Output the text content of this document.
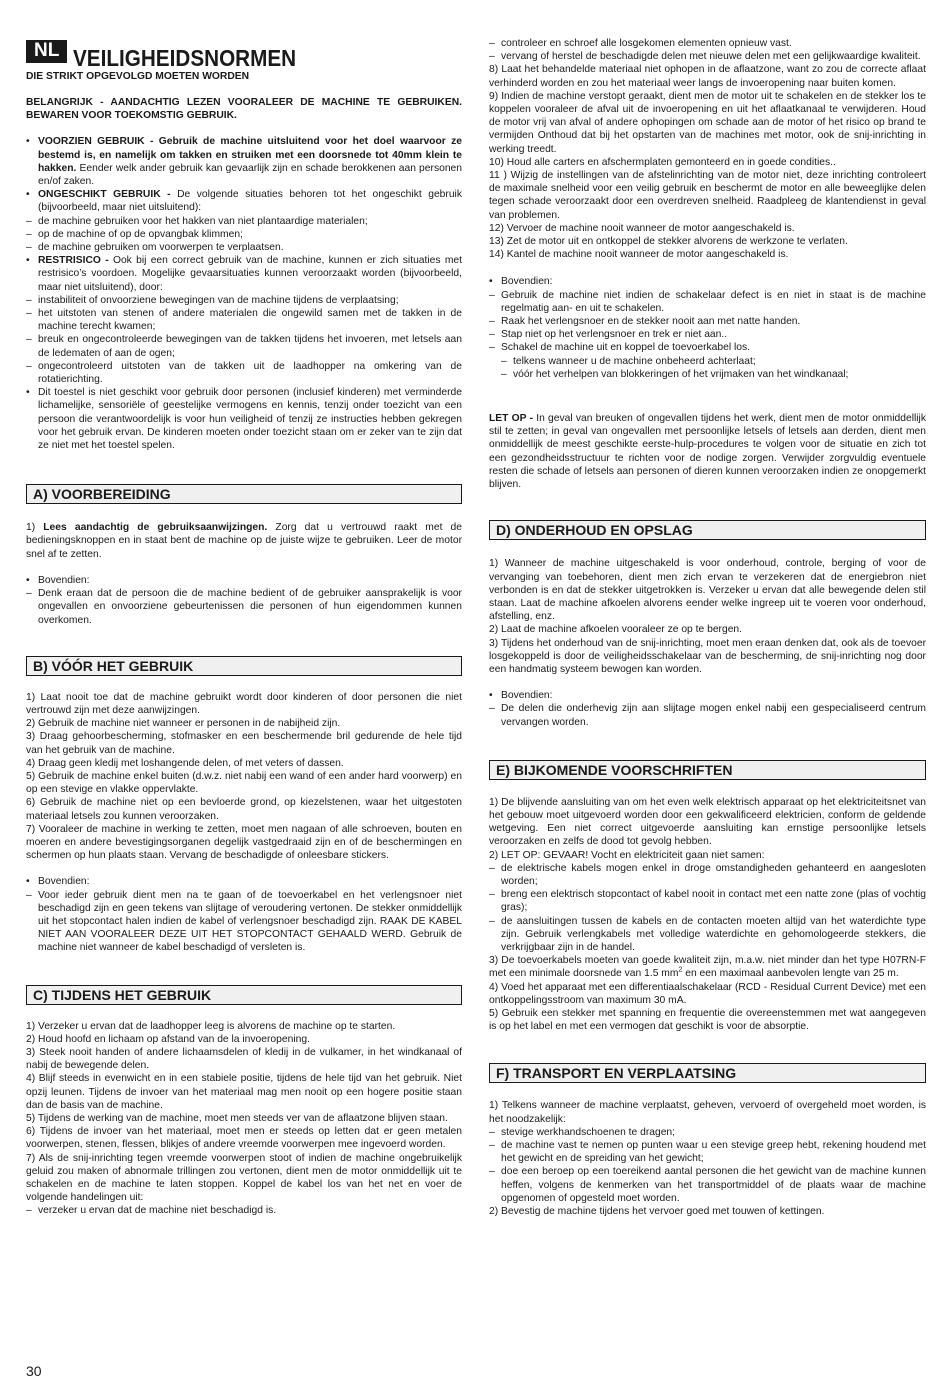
NL VEILIGHEIDSNORMEN
DIE STRIKT OPGEVOLGD MOETEN WORDEN

BELANGRIJK - AANDACHTIG LEZEN VOORALEER DE MACHINE TE GEBRUIKEN. BEWAREN VOOR TOEKOMSTIG GEBRUIK.

• VOORZIEN GEBRUIK - Gebruik de machine uitsluitend voor het doel waarvoor ze bestemd is, en namelijk om takken en struiken met een doorsnede tot 40mm klein te hakken. Eender welk ander gebruik kan gevaarlijk zijn en schade berokkenen aan personen en/of zaken.

• ONGESCHIKT GEBRUIK - De volgende situaties behoren tot het ongeschikt gebruik (bijvoorbeeld, maar niet uitsluitend):

– de machine gebruiken voor het hakken van niet plantaardige materialen;

– op de machine of op de opvangbak klimmen;

– de machine gebruiken om voorwerpen te verplaatsen.

• RESTRISICO - Ook bij een correct gebruik van de machine, kunnen er zich situaties met restrisico’s voordoen. Mogelijke gevaarsituaties kunnen veroorzaakt worden (bijvoorbeeld, maar niet uitsluitend), door:

– instabiliteit of onvoorziene bewegingen van de machine tijdens de verplaatsing;

– het uitstoten van stenen of andere materialen die ongewild samen met de takken in de machine terecht kwamen;

– breuk en ongecontroleerde bewegingen van de takken tijdens het invoeren, met letsels aan de ledematen of aan de ogen;

– ongecontroleerd uitstoten van de takken uit de laadhopper na omkering van de rotatierichting.

• Dit toestel is niet geschikt voor gebruik door personen (inclusief kinderen) met verminderde lichamelijke, sensoriële of geestelijke vermogens en kennis, tenzij onder toezicht van een persoon die verantwoordelijk is voor hun veiligheid of tenzij ze instructies hebben gekregen voor het gebruik ervan. De kinderen moeten onder toezicht staan om er zeker van te zijn dat ze niet met het toestel spelen.

A) VOORBEREIDING

1) Lees aandachtig de gebruiksaanwijzingen. Zorg dat u vertrouwd raakt met de bedieningsknoppen en in staat bent de machine op de juiste wijze te gebruiken. Leer de motor snel af te zetten.

• Bovendien:

– Denk eraan dat de persoon die de machine bedient of de gebruiker aansprakelijk is voor ongevallen en onvoorziene gebeurtenissen die personen of hun eigendommen kunnen overkomen.

B) VÓÓR HET GEBRUIK

1) Laat nooit toe dat de machine gebruikt wordt door kinderen of door personen die niet vertrouwd zijn met deze aanwijzingen.

2) Gebruik de machine niet wanneer er personen in de nabijheid zijn.

3) Draag gehoorbescherming, stofmasker en een beschermende bril gedurende de hele tijd van het gebruik van de machine.

4) Draag geen kledij met loshangende delen, of met veters of dassen.

5) Gebruik de machine enkel buiten (d.w.z. niet nabij een wand of een ander hard voorwerp) en op een stevige en vlakke oppervlakte.

6) Gebruik de machine niet op een bevloerde grond, op kiezelstenen, waar het uitgestoten materiaal letsels zou kunnen veroorzaken.

7) Vooraleer de machine in werking te zetten, moet men nagaan of alle schroeven, bouten en moeren en andere bevestigingsorganen degelijk vastgedraaid zijn en of de beschermingen en schermen op hun plaats staan. Vervang de beschadigde of onleesbare stickers.

• Bovendien:

– Voor ieder gebruik dient men na te gaan of de toevoerkabel en het verlengsnoer niet beschadigd zijn en geen tekens van slijtage of veroudering vertonen. De stekker onmiddellijk uit het stopcontact halen indien de kabel of verlengsnoer beschadigd zijn. RAAK DE KABEL NIET AAN VOORALEER DEZE UIT HET STOPCONTACT GEHAALD WERD. Gebruik de machine niet wanneer de kabel beschadigd of versleten is.

C) TIJDENS HET GEBRUIK

1) Verzeker u ervan dat de laadhopper leeg is alvorens de machine op te starten.

2) Houd hoofd en lichaam op afstand van de la invoeropening.

3) Steek nooit handen of andere lichaamsdelen of kledij in de vulkamer, in het windkanaal of nabij de bewegende delen.

4) Blijf steeds in evenwicht en in een stabiele positie, tijdens de hele tijd van het gebruik. Niet opzij leunen. Tijdens de invoer van het materiaal mag men nooit op een hogere positie staan dan de basis van de machine.

5) Tijdens de werking van de machine, moet men steeds ver van de aflaatzone blijven staan.

6) Tijdens de invoer van het materiaal, moet men er steeds op letten dat er geen metalen voorwerpen, stenen, flessen, blikjes of andere vreemde voorwerpen mee ingevoerd worden.

7) Als de snij-inrichting tegen vreemde voorwerpen stoot of indien de machine ongebruikelijk geluid zou maken of abnormale trillingen zou vertonen, dient men de motor onmiddellijk uit te schakelen en de machine te laten stoppen. Koppel de kabel los van het net en voer de volgende handelingen uit:

– verzeker u ervan dat de machine niet beschadigd is.

30

– controleer en schroef alle losgekomen elementen opnieuw vast.

– vervang of herstel de beschadigde delen met nieuwe delen met een gelijkwaardige kwaliteit.

8) Laat het behandelde materiaal niet ophopen in de aflaatzone, want zo zou de correcte aflaat verhinderd worden en zou het materiaal weer langs de invoeropening naar buiten komen.

9) Indien de machine verstopt geraakt, dient men de motor uit te schakelen en de stekker los te koppelen vooraleer de afval uit de invoeropening en uit het aflaatkanaal te verwijderen. Houd de motor vrij van afval of andere ophopingen om schade aan de motor of het risico op brand te vermijden Onthoud dat bij het opstarten van de machines met motor, ook de snij-inrichting in werking treedt.

10) Houd alle carters en afschermplaten gemonteerd en in goede condities..

11 ) Wijzig de instellingen van de afstelinrichting van de motor niet, deze inrichting controleert de maximale snelheid voor een veilig gebruik en beschermt de motor en alle beweeglijke delen tegen schade veroorzaakt door een overdreven snelheid. Raadpleeg de klantendienst in geval van problemen.

12) Vervoer de machine nooit wanneer de motor aangeschakeld is.

13) Zet de motor uit en ontkoppel de stekker alvorens de werkzone te verlaten.

14) Kantel de machine nooit wanneer de motor aangeschakeld is.

• Bovendien:

– Gebruik de machine niet indien de schakelaar defect is en niet in staat is de machine regelmatig aan- en uit te schakelen.

– Raak het verlengsnoer en de stekker nooit aan met natte handen.

– Stap niet op het verlengsnoer en trek er niet aan..

– Schakel de machine uit en koppel de toevoerkabel los.

– telkens wanneer u de machine onbeheerd achterlaat;

– vóór het verhelpen van blokkeringen of het vrijmaken van het windkanaal;

LET OP - In geval van breuken of ongevallen tijdens het werk, dient men de motor onmiddellijk stil te zetten; in geval van ongevallen met persoonlijke letsels of letsels aan derden, dient men onmiddellijk de meest geschikte eerste-hulp-procedures te volgen voor de situatie en zich tot een gezondheidsstructuur te richten voor de nodige zorgen. Verwijder zorgvuldig eventuele resten die schade of letsels aan personen of dieren kunnen veroorzaken indien ze onopgemerkt blijven.

D) ONDERHOUD EN OPSLAG

1) Wanneer de machine uitgeschakeld is voor onderhoud, controle, berging of voor de vervanging van toebehoren, dient men zich ervan te verzekeren dat de energiebron niet verbonden is en dat de stekker uitgetrokken is. Verzeker u ervan dat alle bewegende delen stil staan. Laat de machine afkoelen alvorens eender welke ingreep uit te voeren voor onderhoud, afstelling, enz.

2) Laat de machine afkoelen vooraleer ze op te bergen.

3) Tijdens het onderhoud van de snij-inrichting, moet men eraan denken dat, ook als de toevoer losgekoppeld is door de veiligheidsschakelaar van de bescherming, de snij-inrichting nog door een handmatig systeem bewogen kan worden.

• Bovendien:

– De delen die onderhevig zijn aan slijtage mogen enkel nabij een gespecialiseerd centrum vervangen worden.

E) BIJKOMENDE VOORSCHRIFTEN

1) De blijvende aansluiting van om het even welk elektrisch apparaat op het elektriciteitsnet van het gebouw moet uitgevoerd worden door een gekwalificeerd elektricien, conform de geldende wetgeving. Een niet correct uitgevoerde aansluiting kan ernstige persoonlijke letsels veroorzaken en zelfs de dood tot gevolg hebben.

2) LET OP: GEVAAR! Vocht en elektriciteit gaan niet samen:

– de elektrische kabels mogen enkel in droge omstandigheden gehanteerd en aangesloten worden;

– breng een elektrisch stopcontact of kabel nooit in contact met een natte zone (plas of vochtig gras);

– de aansluitingen tussen de kabels en de contacten moeten altijd van het waterdichte type zijn. Gebruik verlengkabels met volledige waterdichte en gehomologeerde stekkers, die verkrijgbaar zijn in de handel.

3) De toevoerkabels moeten van goede kwaliteit zijn, m.a.w. niet minder dan het type H07RN-F met een minimale doorsnede van 1.5 $mm^2$ en een maximaal aanbevolen lengte van 25 m.

4) Voed het apparaat met een differentiaalschakelaar (RCD - Residual Current Device) met een ontkoppelingsstroom van maximum 30 mA.

5) Gebruik een stekker met spanning en frequentie die overeenstemmen met wat aangegeven is op het label en met een vermogen dat geschikt is voor de absorptie.

F) TRANSPORT EN VERPLAATSING

1) Telkens wanneer de machine verplaatst, geheven, vervoerd of overgeheld moet worden, is het noodzakelijk:

– stevige werkhandschoenen te dragen;

– de machine vast te nemen op punten waar u een stevige greep hebt, rekening houdend met het gewicht en de spreiding van het gewicht;

– doe een beroep op een toereikend aantal personen die het gewicht van de machine kunnen heffen, volgens de kenmerken van het transportmiddel of de plaats waar de machine opgenomen of opgesteld moet worden.

2) Bevestig de machine tijdens het vervoer goed met touwen of kettingen.
